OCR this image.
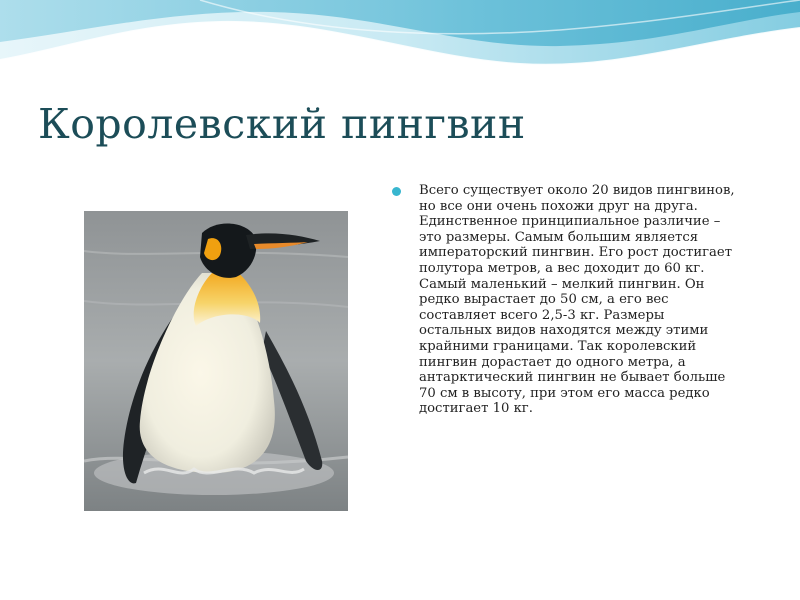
Королевский пингвин

Всего существует около 20 видов пингвинов, но все они очень похожи друг на друга. Единственное принципиальное различие – это размеры. Самым большим является императорский пингвин. Его рост достигает полутора метров, а вес доходит до 60 кг. Самый маленький – мелкий пингвин. Он редко вырастает до 50 см, а его вес составляет всего 2,5-3 кг. Размеры остальных видов находятся между этими крайними границами. Так королевский пингвин дорастает до одного метра, а антарктический пингвин не бывает больше 70 см в высоту, при этом его масса редко достигает 10 кг.
